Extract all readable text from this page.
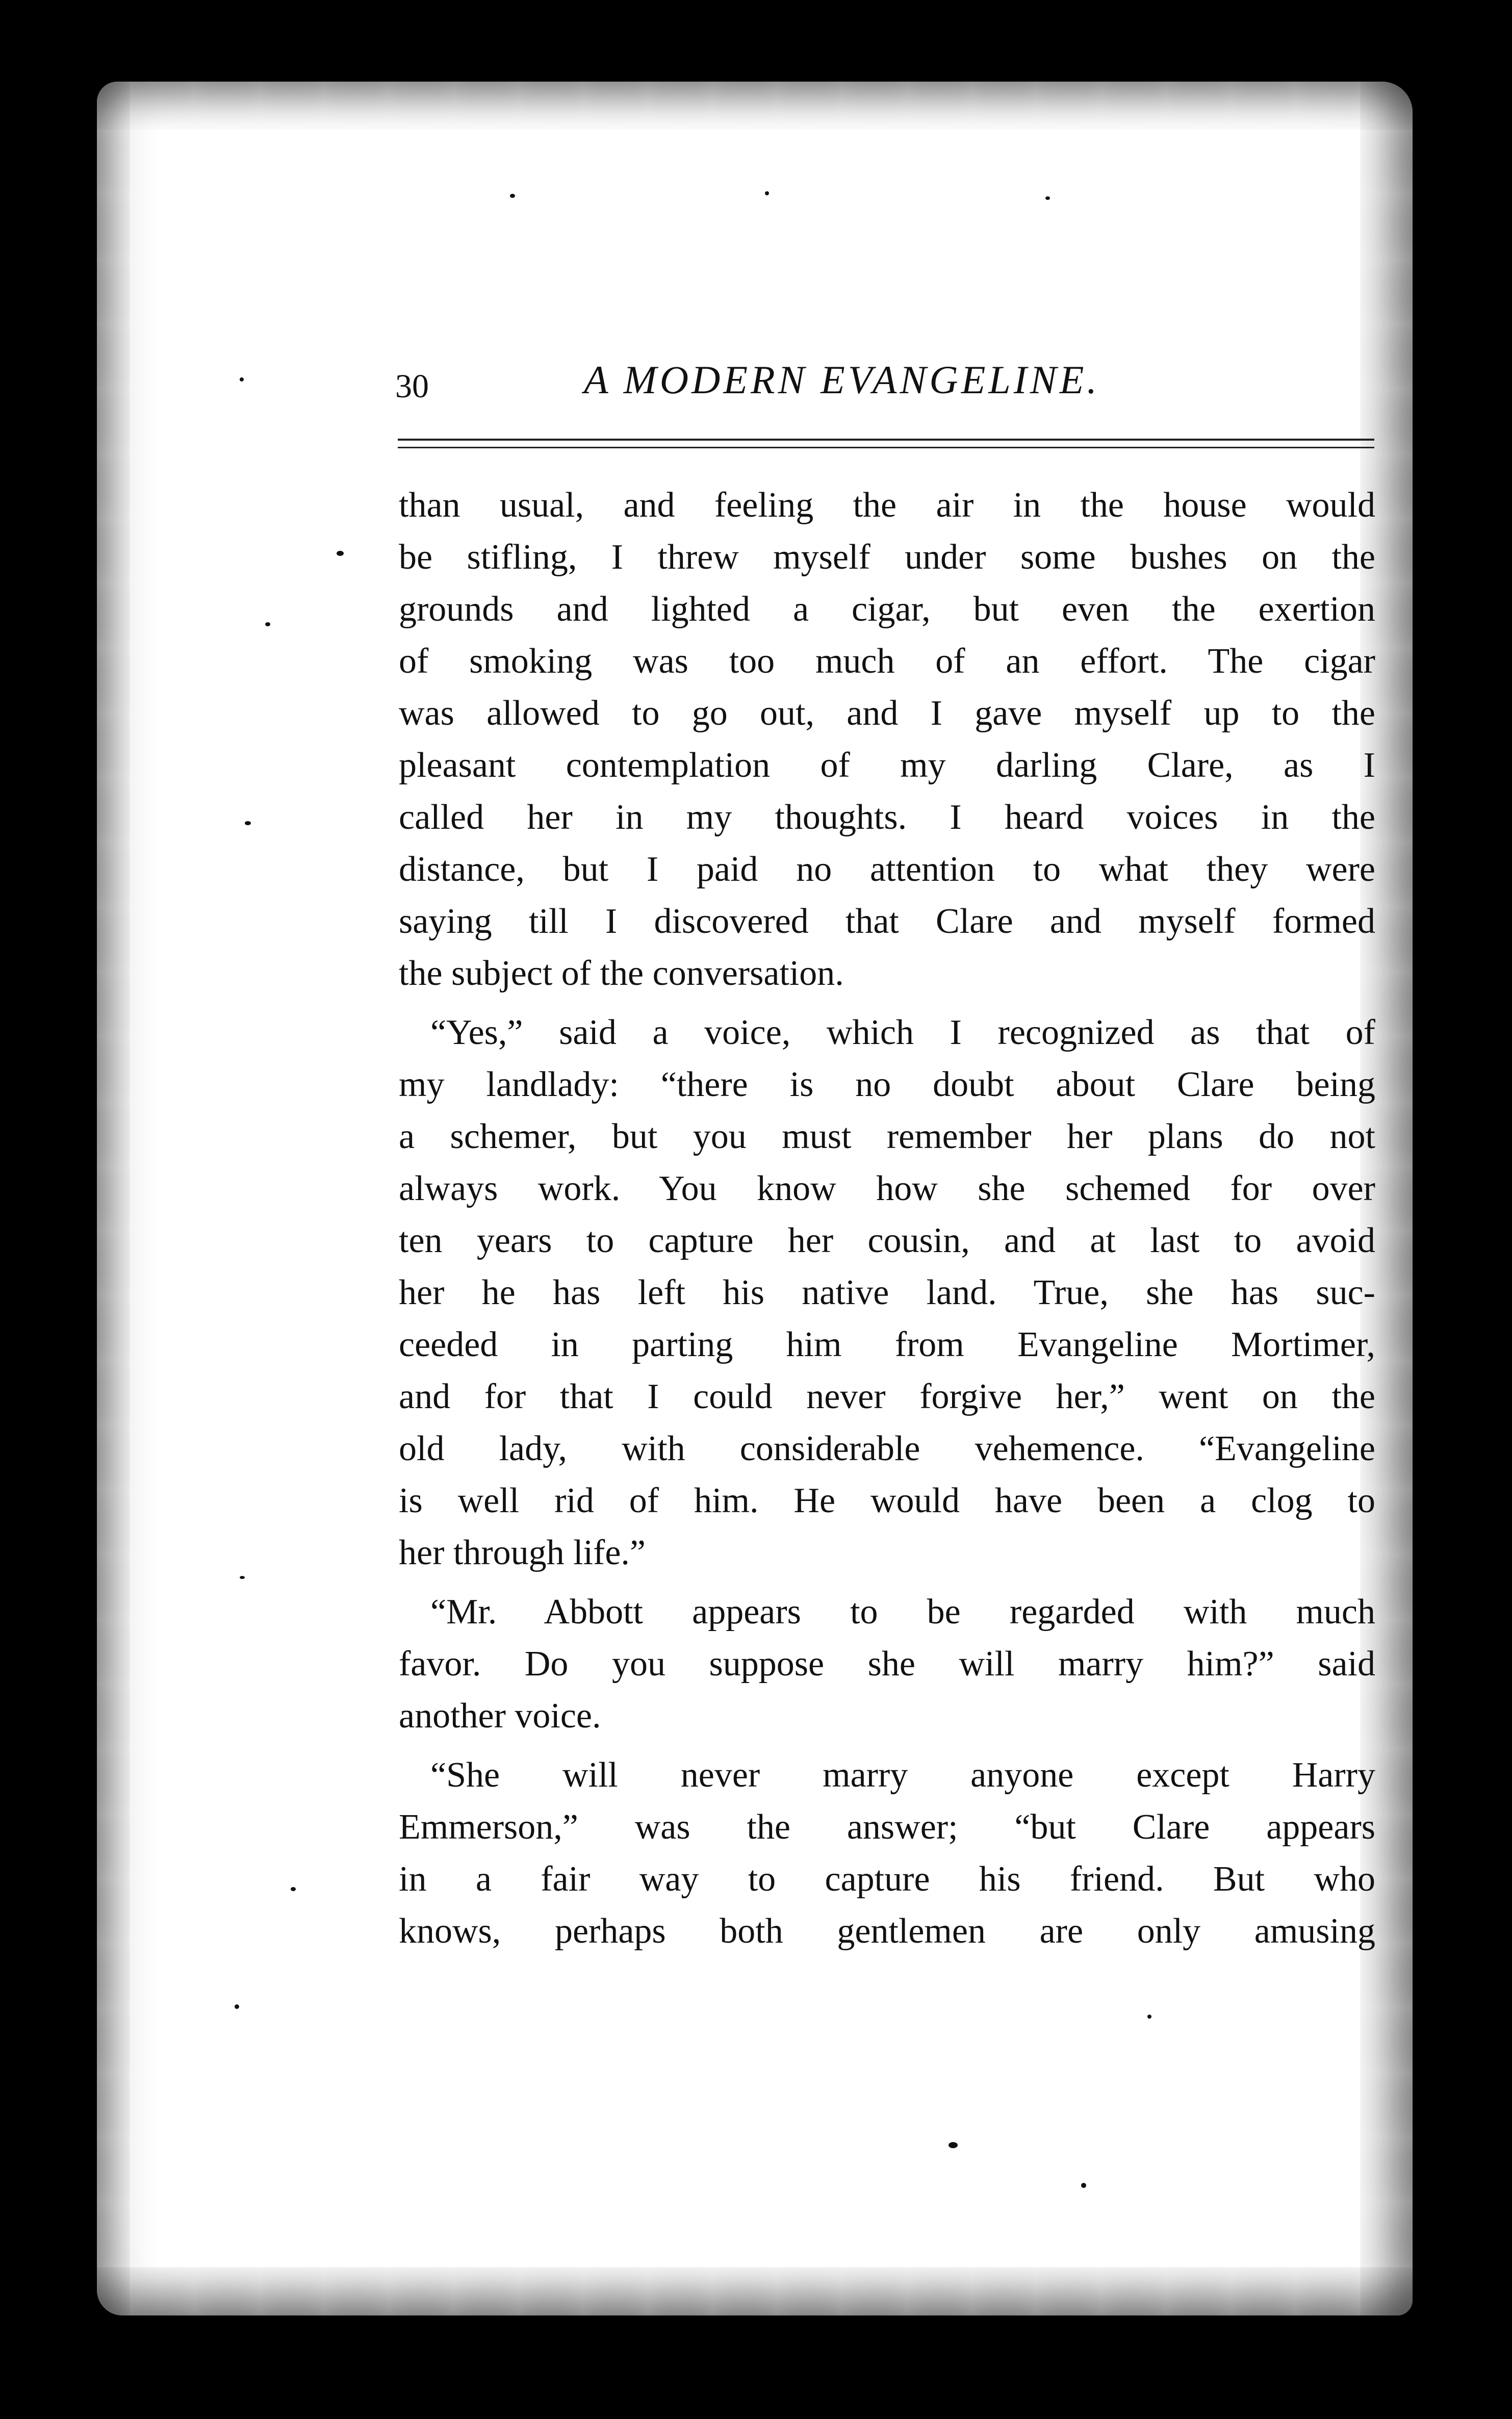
30	A MODERN EVANGELINE.
than usual, and feeling the air in the house would
be stifling, I threw myself under some bushes on the
grounds and lighted a cigar, but even the exertion
of smoking was too much of an effort. The cigar
was allowed to go out, and I gave myself up to the
pleasant contemplation of my darling Clare, as I
called her in my thoughts. I heard voices in the
distance, but I paid no attention to what they were
saying till I discovered that Clare and myself formed
the subject of the conversation.
“Yes,” said a voice, which I recognized as that of
my landlady: “there is no doubt about Clare being
a schemer, but you must remember her plans do not
always work. You know how she schemed for over
ten years to capture her cousin, and at last to avoid
her he has left his native land. True, she has suc-
ceeded in parting him from Evangeline Mortimer,
and for that I could never forgive her,” went on the
old lady, with considerable vehemence. “Evangeline
is well rid of him. He would have been a clog to
her through life.”
“Mr. Abbott appears to be regarded with much
favor. Do you suppose she will marry him?” said
another voice.
“She will never marry anyone except Harry
Emmerson,” was the answer; “but Clare appears
in a fair way to capture his friend. But who
knows, perhaps both gentlemen are only amusing
